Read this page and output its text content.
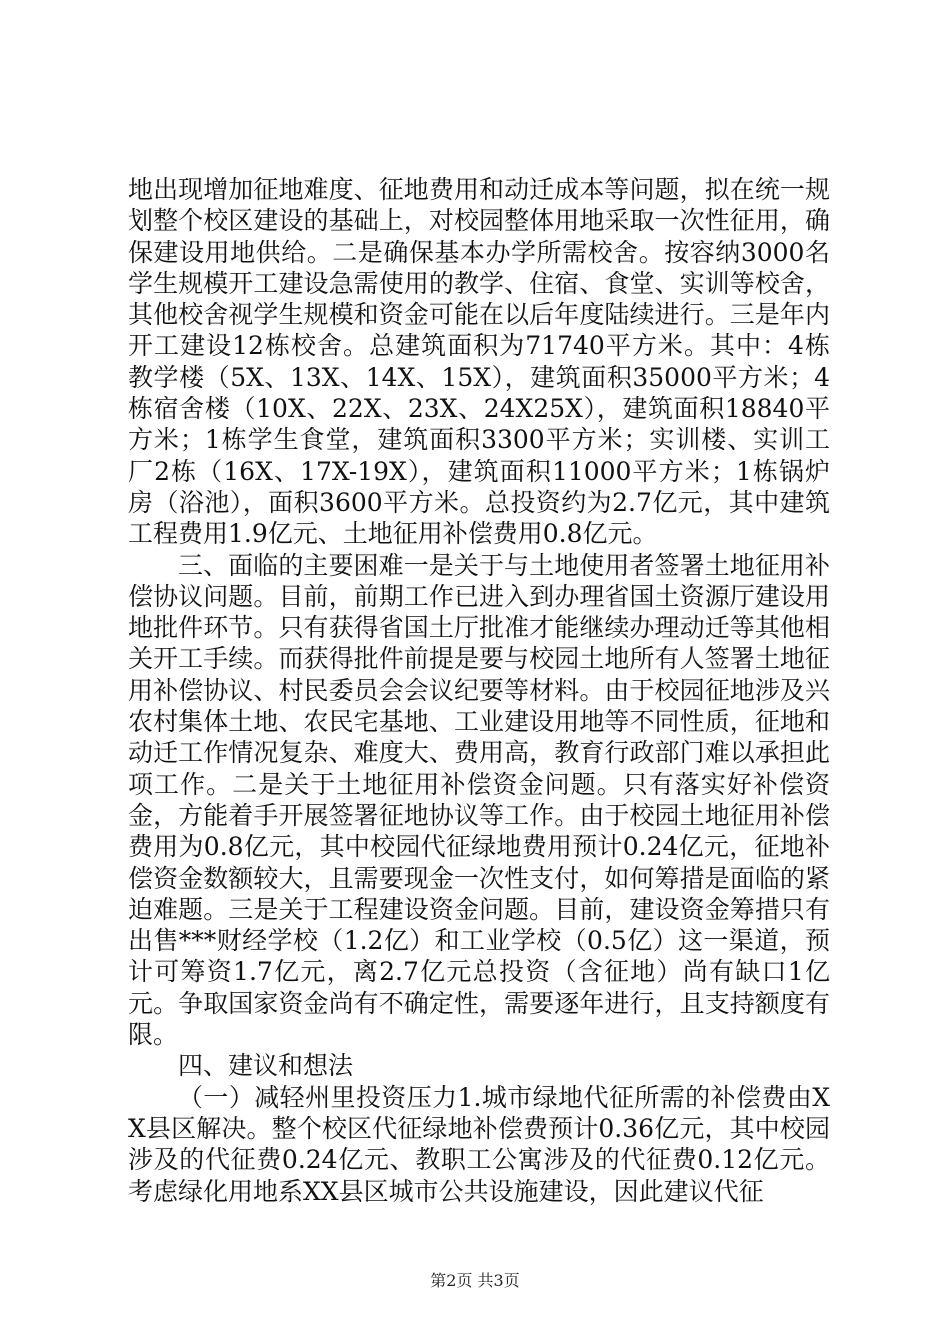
地出现增加征地难度、征地费用和动迁成本等问题，拟在统一规划整个校区建设的基础上，对校园整体用地采取一次性征用，确保建设用地供给。二是确保基本办学所需校舍。按容纳3000名学生规模开工建设急需使用的教学、住宿、食堂、实训等校舍，其他校舍视学生规模和资金可能在以后年度陆续进行。三是年内开工建设12栋校舍。总建筑面积为71740平方米。其中：4栋教学楼（5X、13X、14X、15X），建筑面积35000平方米；4栋宿舍楼（10X、22X、23X、24X25X），建筑面积18840平方米；1栋学生食堂，建筑面积3300平方米；实训楼、实训工厂2栋（16X、17X-19X），建筑面积11000平方米；1栋锅炉房（浴池），面积3600平方米。总投资约为2.7亿元，其中建筑工程费用1.9亿元、土地征用补偿费用0.8亿元。

三、面临的主要困难一是关于与土地使用者签署土地征用补偿协议问题。目前，前期工作已进入到办理省国土资源厅建设用地批件环节。只有获得省国土厅批准才能继续办理动迁等其他相关开工手续。而获得批件前提是要与校园土地所有人签署土地征用补偿协议、村民委员会会议纪要等材料。由于校园征地涉及兴农村集体土地、农民宅基地、工业建设用地等不同性质，征地和动迁工作情况复杂、难度大、费用高，教育行政部门难以承担此项工作。二是关于土地征用补偿资金问题。只有落实好补偿资金，方能着手开展签署征地协议等工作。由于校园土地征用补偿费用为0.8亿元，其中校园代征绿地费用预计0.24亿元，征地补偿资金数额较大，且需要现金一次性支付，如何筹措是面临的紧迫难题。三是关于工程建设资金问题。目前，建设资金筹措只有出售***财经学校（1.2亿）和工业学校（0.5亿）这一渠道，预计可筹资1.7亿元，离2.7亿元总投资（含征地）尚有缺口1亿元。争取国家资金尚有不确定性，需要逐年进行，且支持额度有限。

四、建议和想法

（一）减轻州里投资压力1.城市绿地代征所需的补偿费由XX县区解决。整个校区代征绿地补偿费预计0.36亿元，其中校园涉及的代征费0.24亿元、教职工公寓涉及的代征费0.12亿元。考虑绿化用地系XX县区城市公共设施建设，因此建议代征

第2页 共3页
